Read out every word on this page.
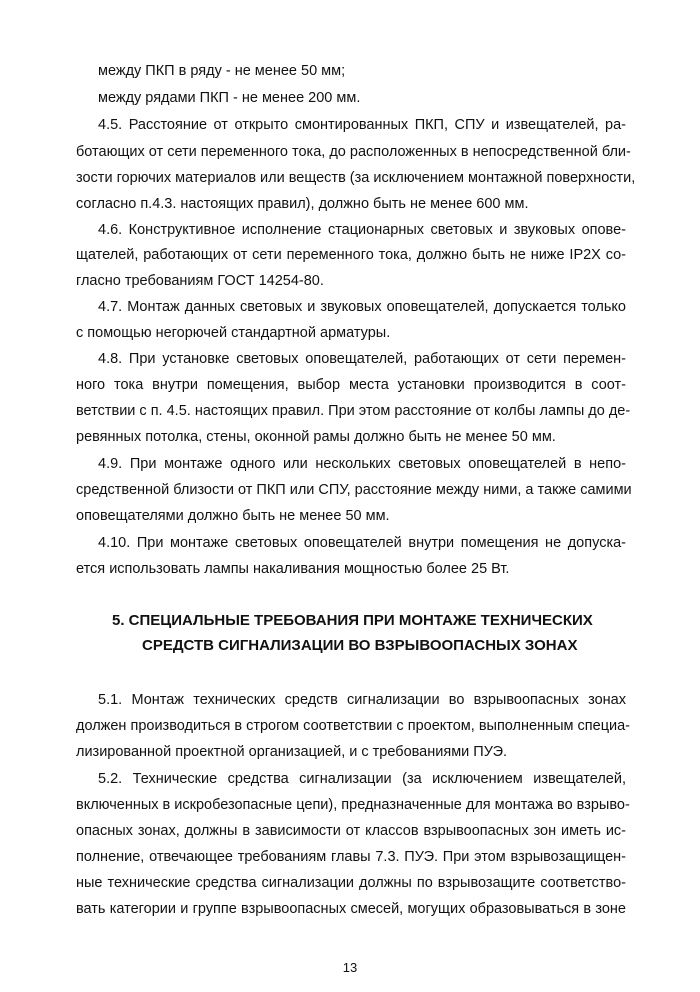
между ПКП в ряду - не менее 50 мм;
между рядами ПКП - не менее 200 мм.
4.5. Расстояние от открыто смонтированных ПКП, СПУ и извещателей, ра-
ботающих от сети переменного тока, до расположенных в непосредственной бли-
зости горючих материалов или веществ (за исключением монтажной поверхности,
согласно п.4.3. настоящих правил), должно быть не менее 600 мм.
4.6. Конструктивное исполнение стационарных световых и звуковых опове-
щателей, работающих от сети переменного тока, должно быть не ниже IP2X со-
гласно требованиям ГОСТ 14254-80.
4.7. Монтаж данных световых и звуковых оповещателей, допускается только
с помощью негорючей стандартной арматуры.
4.8. При установке световых оповещателей, работающих от сети перемен-
ного тока внутри помещения, выбор места установки производится в соот-
ветствии с п. 4.5. настоящих правил. При этом расстояние от колбы лампы до де-
ревянных потолка, стены, оконной рамы должно быть не менее 50 мм.
4.9. При монтаже одного или нескольких световых оповещателей в непо-
средственной близости от ПКП или СПУ, расстояние между ними, а также самими
оповещателями должно быть не менее 50 мм.
4.10. При монтаже световых оповещателей внутри помещения не допуска-
ется использовать лампы накаливания мощностью более 25 Вт.
5. СПЕЦИАЛЬНЫЕ ТРЕБОВАНИЯ ПРИ МОНТАЖЕ ТЕХНИЧЕСКИХ
СРЕДСТВ СИГНАЛИЗАЦИИ ВО ВЗРЫВООПАСНЫХ ЗОНАХ
5.1. Монтаж технических средств сигнализации во взрывоопасных зонах
должен производиться в строгом соответствии с проектом, выполненным специа-
лизированной проектной организацией, и с требованиями ПУЭ.
5.2. Технические средства сигнализации (за исключением извещателей,
включенных в искробезопасные цепи), предназначенные для монтажа во взрыво-
опасных зонах, должны в зависимости от классов взрывоопасных зон иметь ис-
полнение, отвечающее требованиям главы 7.3. ПУЭ. При этом взрывозащищен-
ные технические средства сигнализации должны по взрывозащите соответство-
вать категории и группе взрывоопасных смесей, могущих образовываться в зоне
13
